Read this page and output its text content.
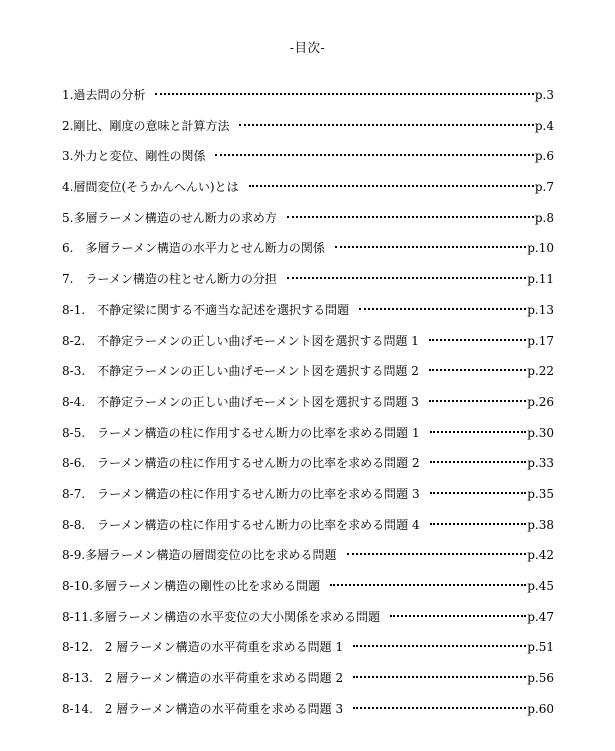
-目次-
1. 過去問の分析	p.3
2. 剛比、剛度の意味と計算方法	p.4
3. 外力と変位、剛性の関係	p.6
4. 層間変位(そうかんへんい)とは	p.7
5. 多層ラーメン構造のせん断力の求め方	p.8
6.　 多層ラーメン構造の水平力とせん断力の関係	p.10
7.　 ラーメン構造の柱とせん断力の分担	p.11
8-1.　 不静定梁に関する不適当な記述を選択する問題	p.13
8-2.　 不静定ラーメンの正しい曲げモーメント図を選択する問題 1	p.17
8-3.　 不静定ラーメンの正しい曲げモーメント図を選択する問題 2	p.22
8-4.　 不静定ラーメンの正しい曲げモーメント図を選択する問題 3	p.26
8-5.　 ラーメン構造の柱に作用するせん断力の比率を求める問題 1	p.30
8-6.　 ラーメン構造の柱に作用するせん断力の比率を求める問題 2	p.33
8-7.　 ラーメン構造の柱に作用するせん断力の比率を求める問題 3	p.35
8-8.　 ラーメン構造の柱に作用するせん断力の比率を求める問題 4	p.38
8-9. 多層ラーメン構造の層間変位の比を求める問題	p.42
8-10. 多層ラーメン構造の剛性の比を求める問題	p.45
8-11. 多層ラーメン構造の水平変位の大小関係を求める問題	p.47
8-12.　 2 層ラーメン構造の水平荷重を求める問題 1	p.51
8-13.　 2 層ラーメン構造の水平荷重を求める問題 2	p.56
8-14.　 2 層ラーメン構造の水平荷重を求める問題 3	p.60
